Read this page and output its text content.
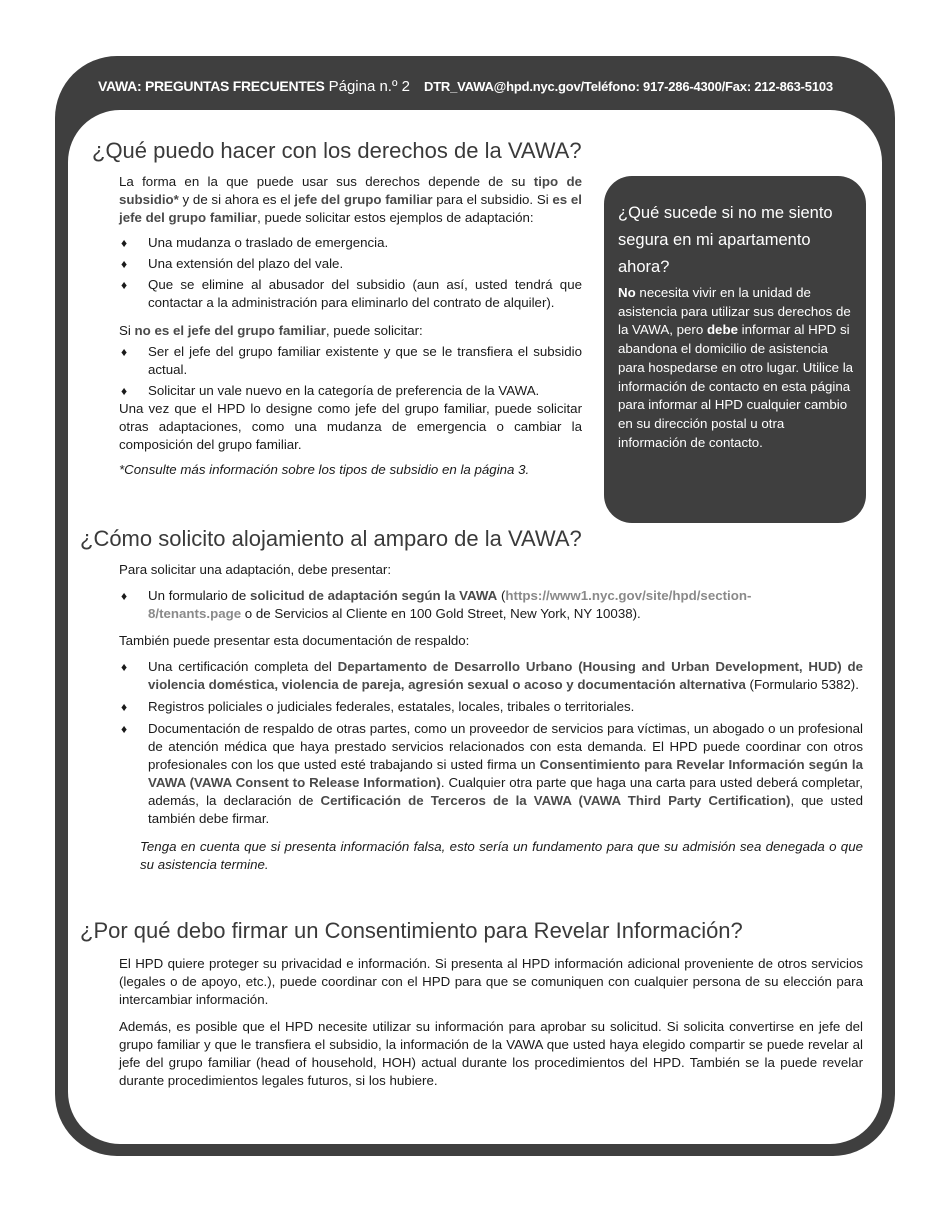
VAWA: PREGUNTAS FRECUENTES Página n.º 2 DTR_VAWA@hpd.nyc.gov/Teléfono: 917-286-4300/Fax: 212-863-5103
¿Qué puedo hacer con los derechos de la VAWA?

La forma en la que puede usar sus derechos depende de su tipo de subsidio* y de si ahora es el jefe del grupo familiar para el subsidio. Si es el jefe del grupo familiar, puede solicitar estos ejemplos de adaptación:

♦ Una mudanza o traslado de emergencia.
♦ Una extensión del plazo del vale.
♦ Que se elimine al abusador del subsidio (aun así, usted tendrá que contactar a la administración para eliminarlo del contrato de alquiler).

Si no es el jefe del grupo familiar, puede solicitar:

♦ Ser el jefe del grupo familiar existente y que se le transfiera el subsidio actual.
♦ Solicitar un vale nuevo en la categoría de preferencia de la VAWA.

Una vez que el HPD lo designe como jefe del grupo familiar, puede solicitar otras adaptaciones, como una mudanza de emergencia o cambiar la composición del grupo familiar.

*Consulte más información sobre los tipos de subsidio en la página 3.

¿Qué sucede si no me siento segura en mi apartamento ahora?

No necesita vivir en la unidad de asistencia para utilizar sus derechos de la VAWA, pero debe informar al HPD si abandona el domicilio de asistencia para hospedarse en otro lugar. Utilice la información de contacto en esta página para informar al HPD cualquier cambio en su dirección postal u otra información de contacto.

¿Cómo solicito alojamiento al amparo de la VAWA?

Para solicitar una adaptación, debe presentar:

♦ Un formulario de solicitud de adaptación según la VAWA (https://www1.nyc.gov/site/hpd/section-8/tenants.page o de Servicios al Cliente en 100 Gold Street, New York, NY 10038).

También puede presentar esta documentación de respaldo:

♦ Una certificación completa del Departamento de Desarrollo Urbano (Housing and Urban Development, HUD) de violencia doméstica, violencia de pareja, agresión sexual o acoso y documentación alternativa (Formulario 5382).
♦ Registros policiales o judiciales federales, estatales, locales, tribales o territoriales.
♦ Documentación de respaldo de otras partes, como un proveedor de servicios para víctimas, un abogado o un profesional de atención médica que haya prestado servicios relacionados con esta demanda. El HPD puede coordinar con otros profesionales con los que usted esté trabajando si usted firma un Consentimiento para Revelar Información según la VAWA (VAWA Consent to Release Information). Cualquier otra parte que haga una carta para usted deberá completar, además, la declaración de Certificación de Terceros de la VAWA (VAWA Third Party Certification), que usted también debe firmar.

Tenga en cuenta que si presenta información falsa, esto sería un fundamento para que su admisión sea denegada o que su asistencia termine.

¿Por qué debo firmar un Consentimiento para Revelar Información?

El HPD quiere proteger su privacidad e información. Si presenta al HPD información adicional proveniente de otros servicios (legales o de apoyo, etc.), puede coordinar con el HPD para que se comuniquen con cualquier persona de su elección para intercambiar información.

Además, es posible que el HPD necesite utilizar su información para aprobar su solicitud. Si solicita convertirse en jefe del grupo familiar y que le transfiera el subsidio, la información de la VAWA que usted haya elegido compartir se puede revelar al jefe del grupo familiar (head of household, HOH) actual durante los procedimientos del HPD. También se la puede revelar durante procedimientos legales futuros, si los hubiere.
